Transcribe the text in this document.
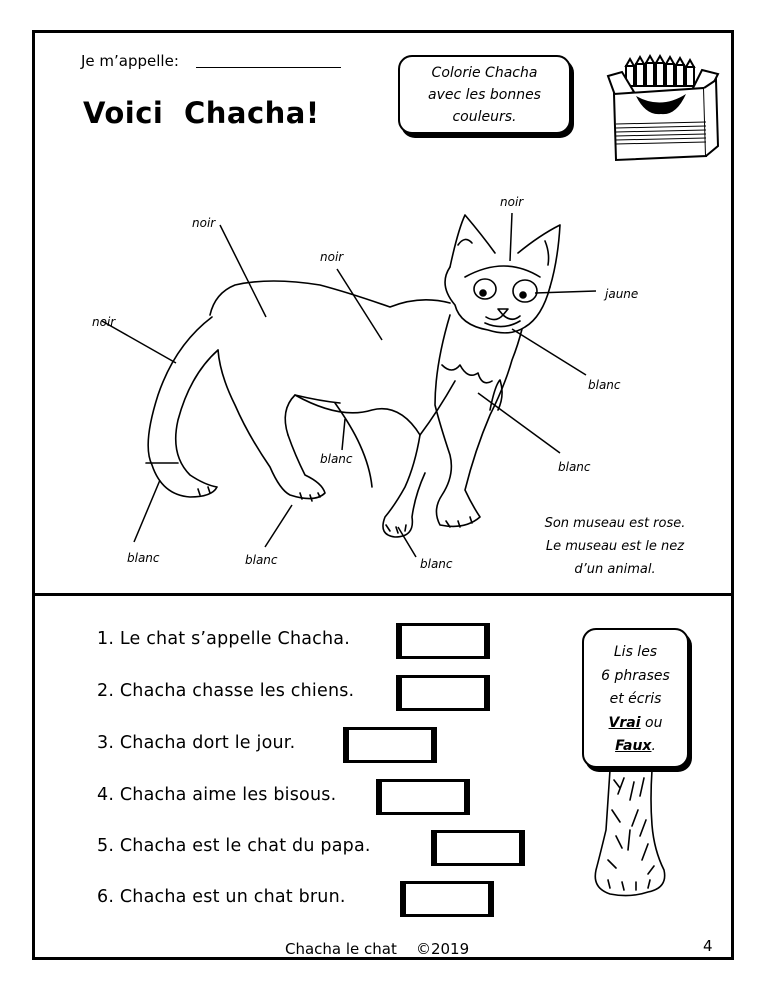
Je m’appelle:
Voici Chacha!
Colorie Chacha
avec les bonnes
couleurs.
noir
jaune
blanc
blanc
noir
noir
noir
blanc
blanc	blanc	blanc
Son museau est rose.
Le museau est le nez
d’un animal.
1. Le chat s’appelle Chacha.
2. Chacha chasse les chiens.
3. Chacha dort le jour.
4. Chacha aime les bisous.
5. Chacha est le chat du papa.
6. Chacha est un chat brun.
Lis les
6 phrases
et écris
Vrai ou
Faux.
Chacha le chat    ©2019	4
